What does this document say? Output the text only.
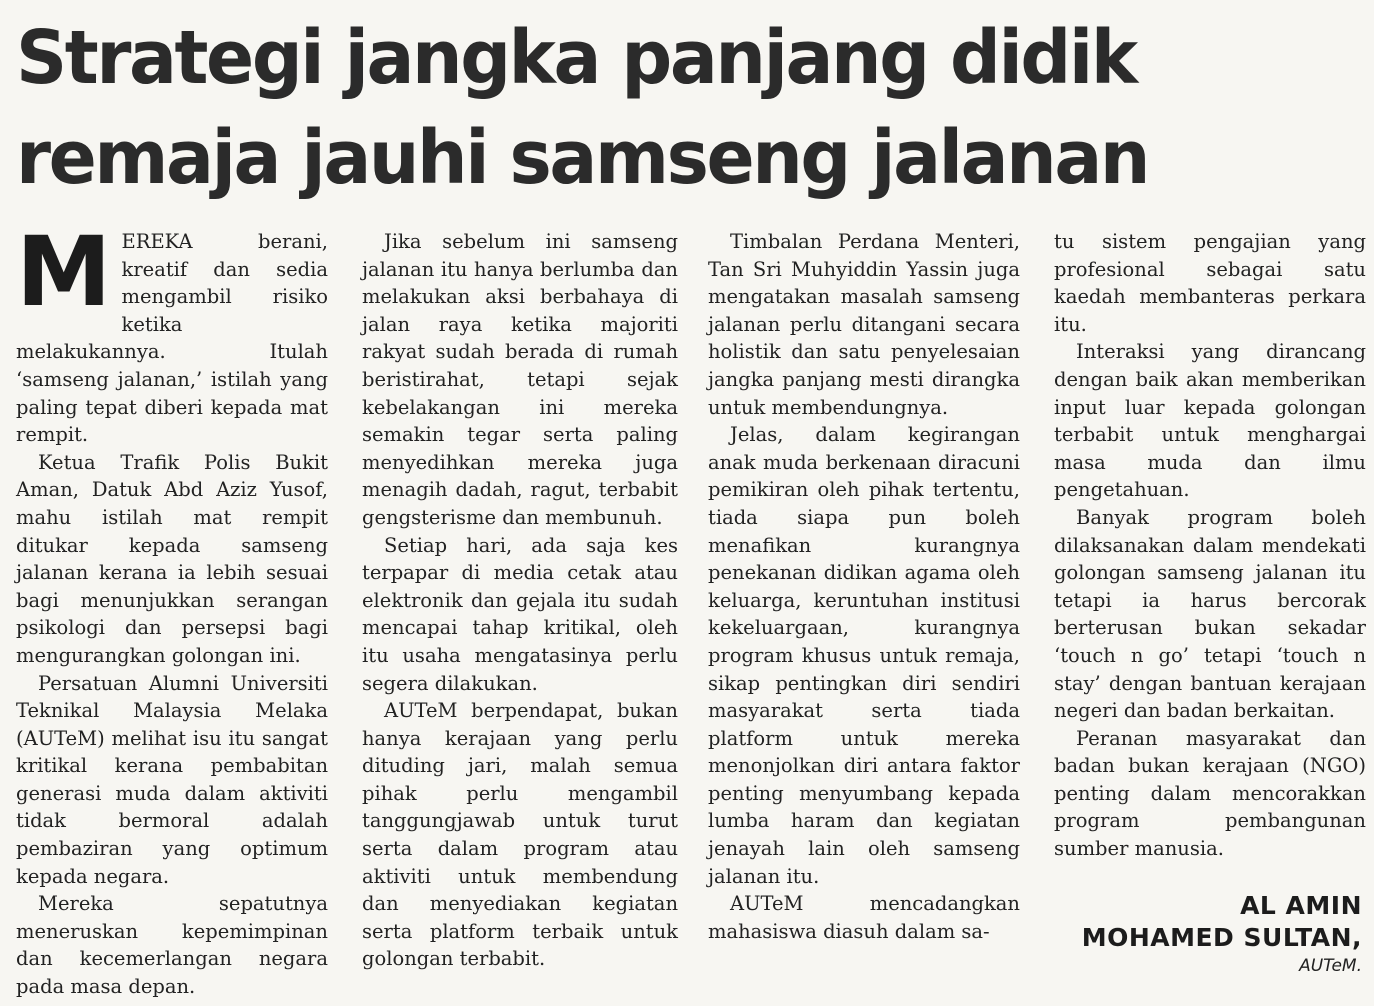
Strategi jangka panjang didik
remaja jauhi samseng jalanan

MEREKA berani, kreatif dan sedia mengambil risiko ketika melakukannya. Itulah ‘samseng jalanan,’ istilah yang paling tepat diberi kepada mat rempit.

Ketua Trafik Polis Bukit Aman, Datuk Abd Aziz Yusof, mahu istilah mat rempit ditukar kepada samseng jalanan kerana ia lebih sesuai bagi menunjukkan serangan psikologi dan persepsi bagi mengurangkan golongan ini.

Persatuan Alumni Universiti Teknikal Malaysia Melaka (AUTeM) melihat isu itu sangat kritikal kerana pembabitan generasi muda dalam aktiviti tidak bermoral adalah pembaziran yang optimum kepada negara.

Mereka sepatutnya meneruskan kepemimpinan dan kecemerlangan negara pada masa depan.

Jika sebelum ini samseng jalanan itu hanya berlumba dan melakukan aksi berbahaya di jalan raya ketika majoriti rakyat sudah berada di rumah beristirahat, tetapi sejak kebelakangan ini mereka semakin tegar serta paling menyedihkan mereka juga menagih dadah, ragut, terbabit gengsterisme dan membunuh.

Setiap hari, ada saja kes terpapar di media cetak atau elektronik dan gejala itu sudah mencapai tahap kritikal, oleh itu usaha mengatasinya perlu segera dilakukan.

AUTeM berpendapat, bukan hanya kerajaan yang perlu dituding jari, malah semua pihak perlu mengambil tanggungjawab untuk turut serta dalam program atau aktiviti untuk membendung dan menyediakan kegiatan serta platform terbaik untuk golongan terbabit.

Timbalan Perdana Menteri, Tan Sri Muhyiddin Yassin juga mengatakan masalah samseng jalanan perlu ditangani secara holistik dan satu penyelesaian jangka panjang mesti dirangka untuk membendungnya.

Jelas, dalam kegirangan anak muda berkenaan diracuni pemikiran oleh pihak tertentu, tiada siapa pun boleh menafikan kurangnya penekanan didikan agama oleh keluarga, keruntuhan institusi kekeluargaan, kurangnya program khusus untuk remaja, sikap pentingkan diri sendiri masyarakat serta tiada platform untuk mereka menonjolkan diri antara faktor penting menyumbang kepada lumba haram dan kegiatan jenayah lain oleh samseng jalanan itu.

AUTeM mencadangkan mahasiswa diasuh dalam sa-

tu sistem pengajian yang profesional sebagai satu kaedah membanteras perkara itu.

Interaksi yang dirancang dengan baik akan memberikan input luar kepada golongan terbabit untuk menghargai masa muda dan ilmu pengetahuan.

Banyak program boleh dilaksanakan dalam mendekati golongan samseng jalanan itu tetapi ia harus bercorak berterusan bukan sekadar ‘touch n go’ tetapi ‘touch n stay’ dengan bantuan kerajaan negeri dan badan berkaitan.

Peranan masyarakat dan badan bukan kerajaan (NGO) penting dalam mencorakkan program pembangunan sumber manusia.

AL AMIN
MOHAMED SULTAN,
AUTeM.
